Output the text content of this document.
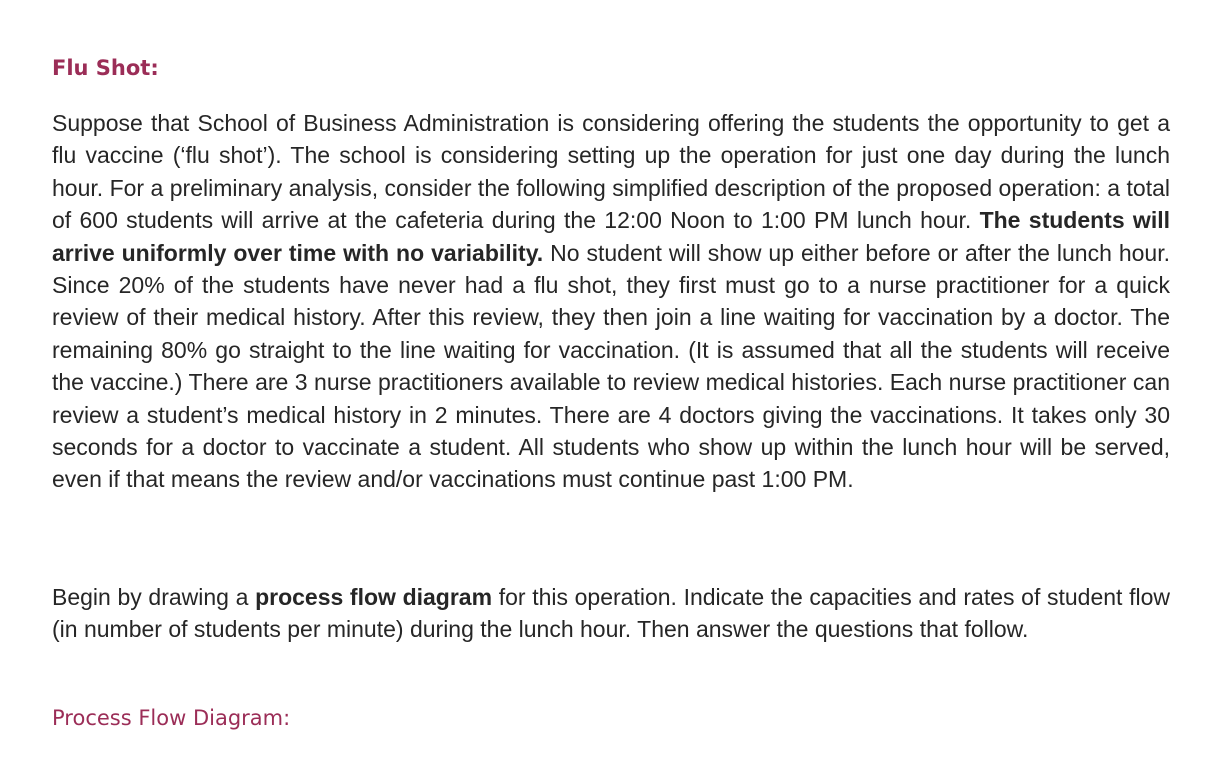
Flu Shot:

Suppose that School of Business Administration is considering offering the students the opportunity to get a flu vaccine (‘flu shot’). The school is considering setting up the operation for just one day during the lunch hour. For a preliminary analysis, consider the following simplified description of the proposed operation: a total of 600 students will arrive at the cafeteria during the 12:00 Noon to 1:00 PM lunch hour. The students will arrive uniformly over time with no variability. No student will show up either before or after the lunch hour. Since 20% of the students have never had a flu shot, they first must go to a nurse practitioner for a quick review of their medical history. After this review, they then join a line waiting for vaccination by a doctor. The remaining 80% go straight to the line waiting for vaccination. (It is assumed that all the students will receive the vaccine.) There are 3 nurse practitioners available to review medical histories. Each nurse practitioner can review a student’s medical history in 2 minutes. There are 4 doctors giving the vaccinations. It takes only 30 seconds for a doctor to vaccinate a student. All students who show up within the lunch hour will be served, even if that means the review and/or vaccinations must continue past 1:00 PM.

Begin by drawing a process flow diagram for this operation. Indicate the capacities and rates of student flow (in number of students per minute) during the lunch hour. Then answer the questions that follow.

Process Flow Diagram:
